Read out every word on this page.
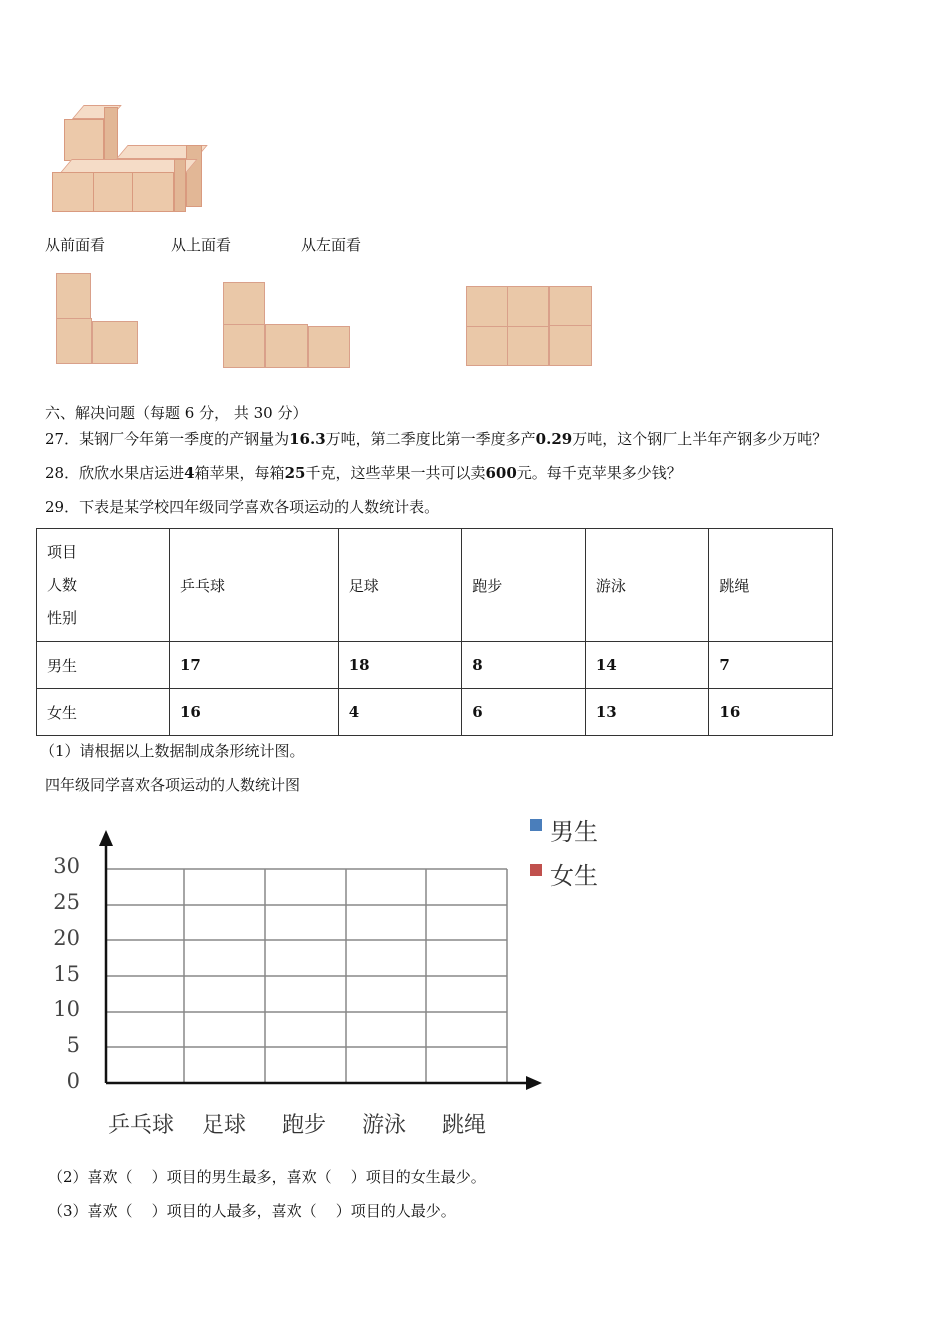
从前面看	从上面看	从左面看
六、解决问题（每题 6 分， 共 30 分）
27．某钢厂今年第一季度的产钢量为16.3万吨，第二季度比第一季度多产0.29万吨，这个钢厂上半年产钢多少万吨？
28．欣欣水果店运进4箱苹果，每箱25千克，这些苹果一共可以卖600元。每千克苹果多少钱？
29．下表是某学校四年级同学喜欢各项运动的人数统计表。
项目
人数
性别	乒乓球	足球	跑步	游泳	跳绳
男生	17	18	8	14	7
女生	16	4	6	13	16
（1）请根据以上数据制成条形统计图。
四年级同学喜欢各项运动的人数统计图
30
25
20
15
10
5
0
乒乓球 足球 跑步 游泳 跳绳
男生
女生
（2）喜欢（    ）项目的男生最多，喜欢（    ）项目的女生最少。
（3）喜欢（    ）项目的人最多，喜欢（    ）项目的人最少。
